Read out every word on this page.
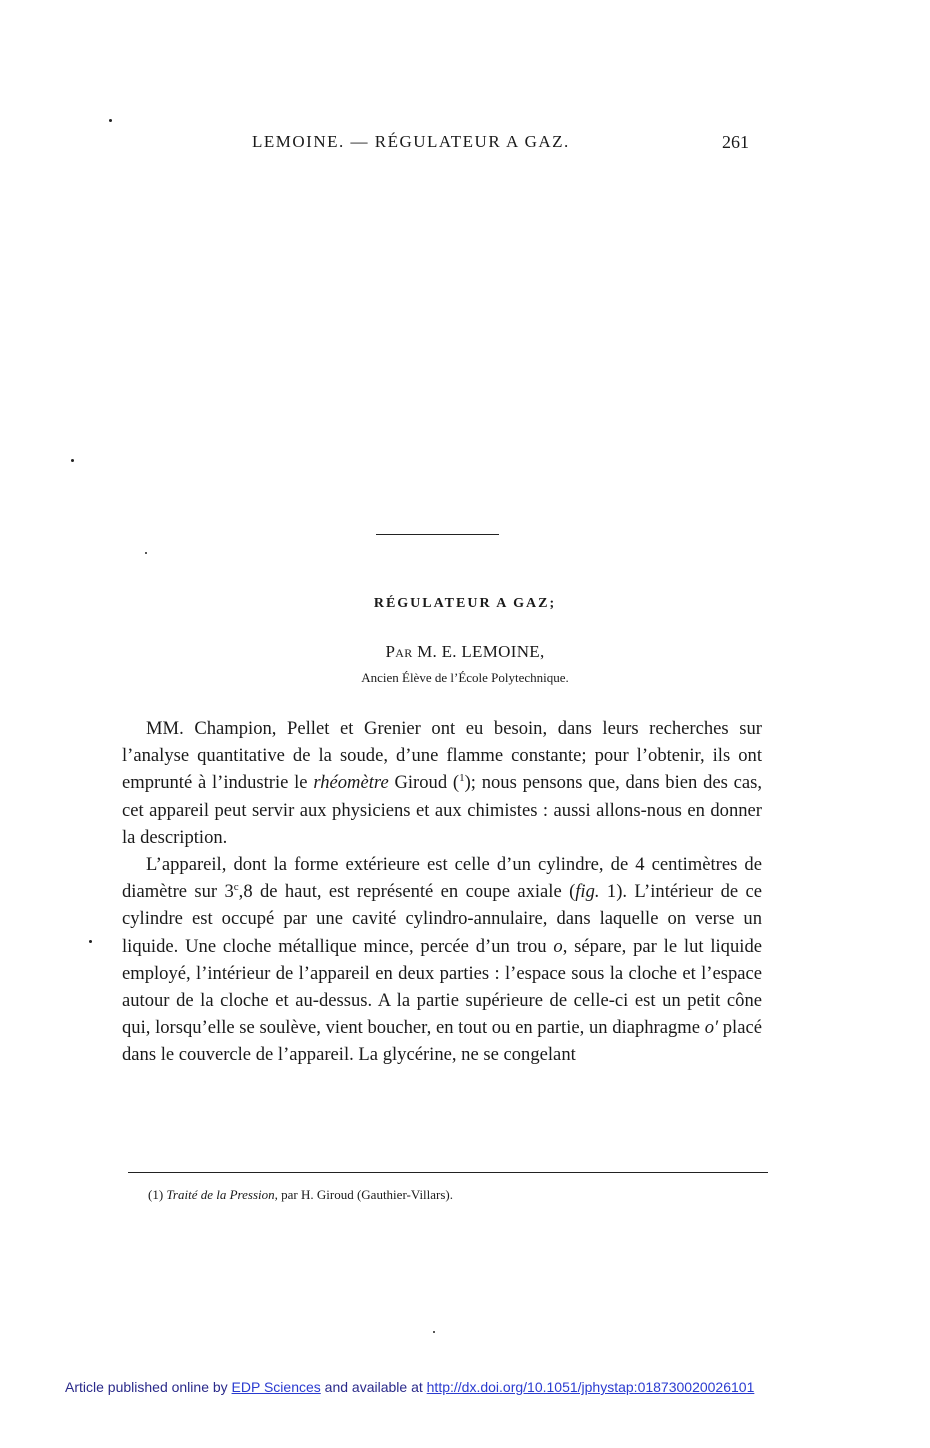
LEMOINE. — RÉGULATEUR A GAZ.	261
RÉGULATEUR A GAZ;
Par M. E. LEMOINE,
Ancien Élève de l’École Polytechnique.

MM. Champion, Pellet et Grenier ont eu besoin, dans leurs recherches sur l’analyse quantitative de la soude, d’une flamme constante; pour l’obtenir, ils ont emprunté à l’industrie le rhéomètre Giroud ($^1$); nous pensons que, dans bien des cas, cet appareil peut servir aux physiciens et aux chimistes : aussi allons-nous en donner la description.

L’appareil, dont la forme extérieure est celle d’un cylindre, de 4 centimètres de diamètre sur 3$^c$,8 de haut, est représenté en coupe axiale (fig. 1). L’intérieur de ce cylindre est occupé par une cavité cylindro-annulaire, dans laquelle on verse un liquide. Une cloche métallique mince, percée d’un trou o, sépare, par le lut liquide employé, l’intérieur de l’appareil en deux parties : l’espace sous la cloche et l’espace autour de la cloche et au-dessus. A la partie supérieure de celle-ci est un petit cône qui, lorsqu’elle se soulève, vient boucher, en tout ou en partie, un diaphragme o′ placé dans le couvercle de l’appareil. La glycérine, ne se congelant

(1) Traité de la Pression, par H. Giroud (Gauthier-Villars).
Article published online by EDP Sciences and available at http://dx.doi.org/10.1051/jphystap:018730020026101
